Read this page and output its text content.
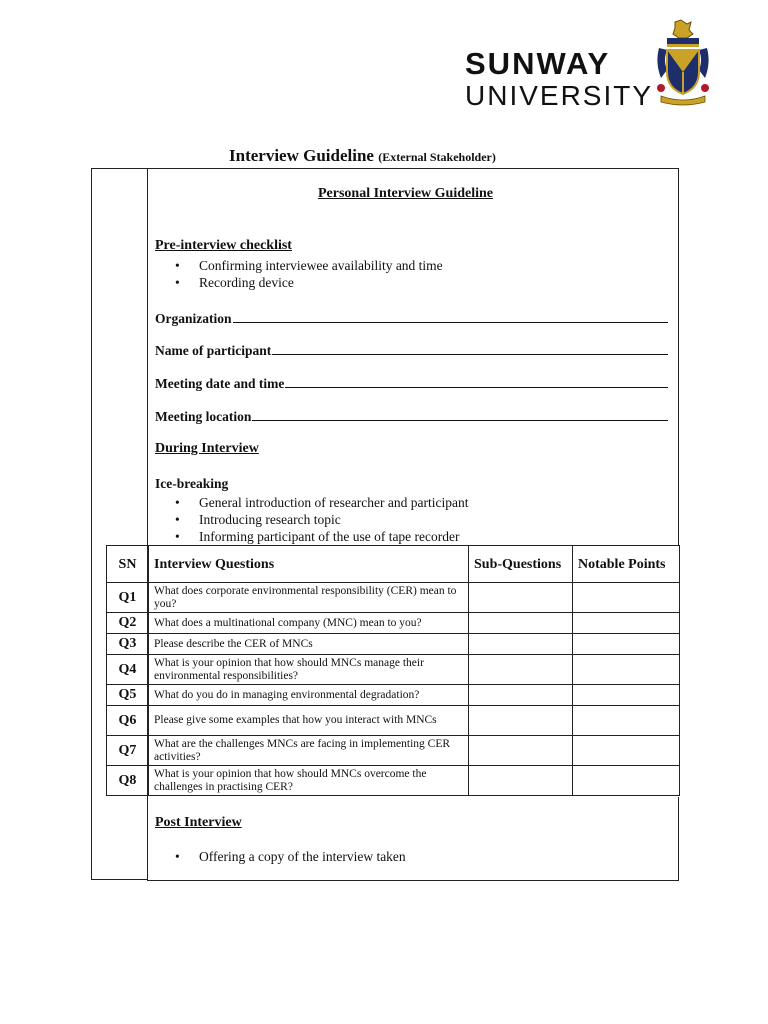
SUNWAY
UNIVERSITY
Interview Guideline (External Stakeholder)
Personal Interview Guideline
Pre-interview checklist
• Confirming interviewee availability and time
• Recording device
Organization
Name of participant
Meeting date and time
Meeting location
During Interview
Ice-breaking
• General introduction of researcher and participant
• Introducing research topic
• Informing participant of the use of tape recorder
SN	Interview Questions	Sub-Questions	Notable Points
Q1	What does corporate environmental responsibility (CER) mean to you?		
Q2	What does a multinational company (MNC) mean to you?		
Q3	Please describe the CER of MNCs		
Q4	What is your opinion that how should MNCs manage their environmental responsibilities?		
Q5	What do you do in managing environmental degradation?		
Q6	Please give some examples that how you interact with MNCs		
Q7	What are the challenges MNCs are facing in implementing CER activities?		
Q8	What is your opinion that how should MNCs overcome the challenges in practising CER?		
Post Interview
• Offering a copy of the interview taken
